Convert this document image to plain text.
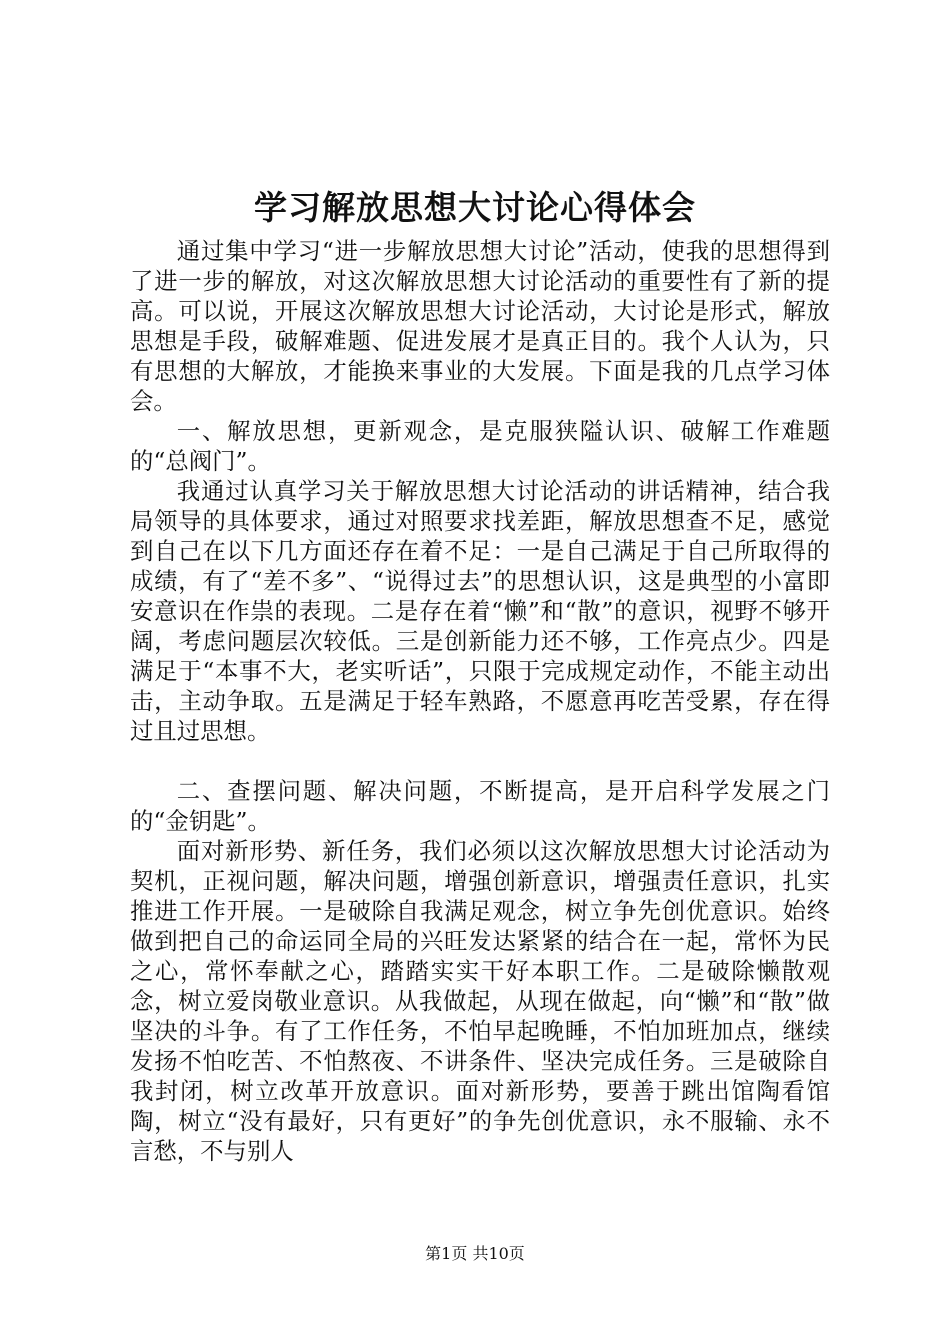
学习解放思想大讨论心得体会

通过集中学习“进一步解放思想大讨论”活动，使我的思想得到了进一步的解放，对这次解放思想大讨论活动的重要性有了新的提高。可以说，开展这次解放思想大讨论活动，大讨论是形式，解放思想是手段，破解难题、促进发展才是真正目的。我个人认为，只有思想的大解放，才能换来事业的大发展。下面是我的几点学习体会。

一、解放思想，更新观念，是克服狭隘认识、破解工作难题的“总阀门”。

我通过认真学习关于解放思想大讨论活动的讲话精神，结合我局领导的具体要求，通过对照要求找差距，解放思想查不足，感觉到自己在以下几方面还存在着不足：一是自己满足于自己所取得的成绩，有了“差不多”、“说得过去”的思想认识，这是典型的小富即安意识在作祟的表现。二是存在着“懒”和“散”的意识，视野不够开阔，考虑问题层次较低。三是创新能力还不够，工作亮点少。四是满足于“本事不大，老实听话”，只限于完成规定动作，不能主动出击，主动争取。五是满足于轻车熟路，不愿意再吃苦受累，存在得过且过思想。

二、查摆问题、解决问题，不断提高，是开启科学发展之门的“金钥匙”。

面对新形势、新任务，我们必须以这次解放思想大讨论活动为契机，正视问题，解决问题，增强创新意识，增强责任意识，扎实推进工作开展。一是破除自我满足观念，树立争先创优意识。始终做到把自己的命运同全局的兴旺发达紧紧的结合在一起，常怀为民之心，常怀奉献之心，踏踏实实干好本职工作。二是破除懒散观念，树立爱岗敬业意识。从我做起，从现在做起，向“懒”和“散”做坚决的斗争。有了工作任务，不怕早起晚睡，不怕加班加点，继续发扬不怕吃苦、不怕熬夜、不讲条件、坚决完成任务。三是破除自我封闭，树立改革开放意识。面对新形势，要善于跳出馆陶看馆陶，树立“没有最好，只有更好”的争先创优意识，永不服输、永不言愁，不与别人

第1页 共10页
